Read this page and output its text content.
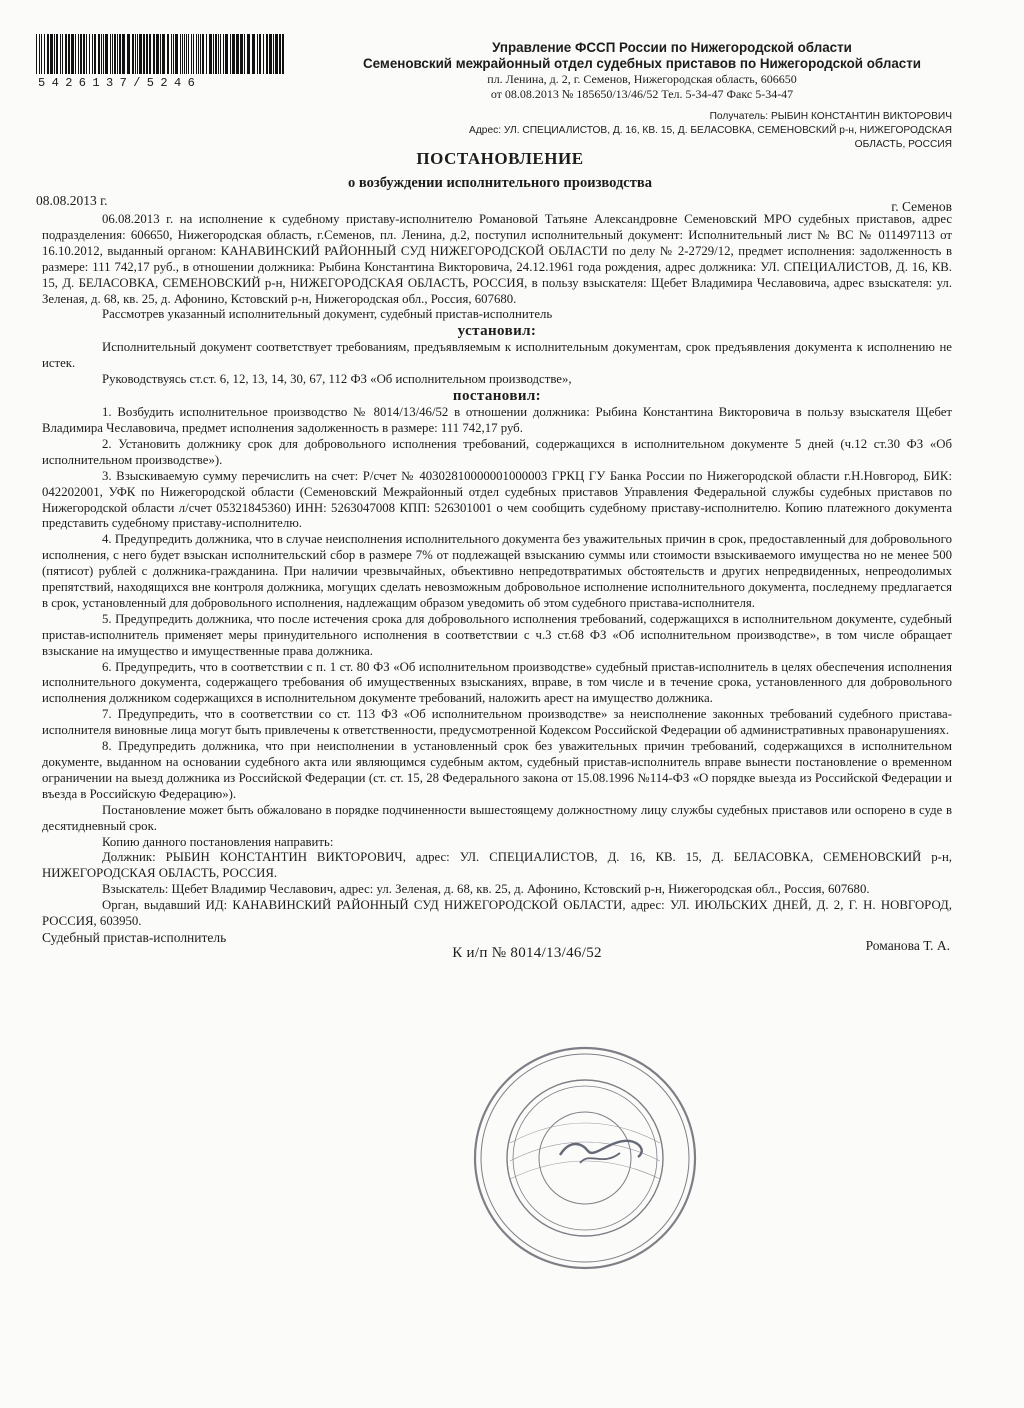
5426137/5246
Управление ФССП России по Нижегородской области
Семеновский межрайонный отдел судебных приставов по Нижегородской области
пл. Ленина, д. 2, г. Семенов, Нижегородская область, 606650
от 08.08.2013 № 185650/13/46/52 Тел. 5-34-47 Факс 5-34-47
Получатель: РЫБИН КОНСТАНТИН ВИКТОРОВИЧ
Адрес: УЛ. СПЕЦИАЛИСТОВ, Д. 16, КВ. 15, Д. БЕЛАСОВКА, СЕМЕНОВСКИЙ р-н, НИЖЕГОРОДСКАЯ
ОБЛАСТЬ, РОССИЯ
ПОСТАНОВЛЕНИЕ
о возбуждении исполнительного производства
08.08.2013 г.	г. Семенов

06.08.2013 г. на исполнение к судебному приставу-исполнителю Романовой Татьяне Александровне Семеновский МРО судебных приставов, адрес подразделения: 606650, Нижегородская область, г.Семенов, пл. Ленина, д.2, поступил исполнительный документ: Исполнительный лист № ВС № 011497113 от 16.10.2012, выданный органом: КАНАВИНСКИЙ РАЙОННЫЙ СУД НИЖЕГОРОДСКОЙ ОБЛАСТИ по делу № 2-2729/12, предмет исполнения: задолженность в размере: 111 742,17 руб., в отношении должника: Рыбина Константина Викторовича, 24.12.1961 года рождения, адрес должника: УЛ. СПЕЦИАЛИСТОВ, Д. 16, КВ. 15, Д. БЕЛАСОВКА, СЕМЕНОВСКИЙ р-н, НИЖЕГОРОДСКАЯ ОБЛАСТЬ, РОССИЯ, в пользу взыскателя: Щебет Владимира Чеславовича, адрес взыскателя: ул. Зеленая, д. 68, кв. 25, д. Афонино, Кстовский р-н, Нижегородская обл., Россия, 607680.

Рассмотрев указанный исполнительный документ, судебный пристав-исполнитель

установил:

Исполнительный документ соответствует требованиям, предъявляемым к исполнительным документам, срок предъявления документа к исполнению не истек.

Руководствуясь ст.ст. 6, 12, 13, 14, 30, 67, 112 ФЗ «Об исполнительном производстве»,

постановил:

1. Возбудить исполнительное производство № 8014/13/46/52 в отношении должника: Рыбина Константина Викторовича в пользу взыскателя Щебет Владимира Чеславовича, предмет исполнения задолженность в размере: 111 742,17 руб.

2. Установить должнику срок для добровольного исполнения требований, содержащихся в исполнительном документе 5 дней (ч.12 ст.30 ФЗ «Об исполнительном производстве»).

3. Взыскиваемую сумму перечислить на счет: Р/счет № 40302810000001000003 ГРКЦ ГУ Банка России по Нижегородской области г.Н.Новгород, БИК: 042202001, УФК по Нижегородской области (Семеновский Межрайонный отдел судебных приставов Управления Федеральной службы судебных приставов по Нижегородской области л/счет 05321845360) ИНН: 5263047008 КПП: 526301001 о чем сообщить судебному приставу-исполнителю. Копию платежного документа представить судебному приставу-исполнителю.

4. Предупредить должника, что в случае неисполнения исполнительного документа без уважительных причин в срок, предоставленный для добровольного исполнения, с него будет взыскан исполнительский сбор в размере 7% от подлежащей взысканию суммы или стоимости взыскиваемого имущества но не менее 500 (пятисот) рублей с должника-гражданина. При наличии чрезвычайных, объективно непредотвратимых обстоятельств и других непредвиденных, непреодолимых препятствий, находящихся вне контроля должника, могущих сделать невозможным добровольное исполнение исполнительного документа, последнему предлагается в срок, установленный для добровольного исполнения, надлежащим образом уведомить об этом судебного пристава-исполнителя.

5. Предупредить должника, что после истечения срока для добровольного исполнения требований, содержащихся в исполнительном документе, судебный пристав-исполнитель применяет меры принудительного исполнения в соответствии с ч.3 ст.68 ФЗ «Об исполнительном производстве», в том числе обращает взыскание на имущество и имущественные права должника.

6. Предупредить, что в соответствии с п. 1 ст. 80 ФЗ «Об исполнительном производстве» судебный пристав-исполнитель в целях обеспечения исполнения исполнительного документа, содержащего требования об имущественных взысканиях, вправе, в том числе и в течение срока, установленного для добровольного исполнения должником содержащихся в исполнительном документе требований, наложить арест на имущество должника.

7. Предупредить, что в соответствии со ст. 113 ФЗ «Об исполнительном производстве» за неисполнение законных требований судебного пристава-исполнителя виновные лица могут быть привлечены к ответственности, предусмотренной Кодексом Российской Федерации об административных правонарушениях.

8. Предупредить должника, что при неисполнении в установленный срок без уважительных причин требований, содержащихся в исполнительном документе, выданном на основании судебного акта или являющимся судебным актом, судебный пристав-исполнитель вправе вынести постановление о временном ограничении на выезд должника из Российской Федерации (ст. ст. 15, 28 Федерального закона от 15.08.1996 №114-ФЗ «О порядке выезда из Российской Федерации и въезда в Российскую Федерацию»).

Постановление может быть обжаловано в порядке подчиненности вышестоящему должностному лицу службы судебных приставов или оспорено в суде в десятидневный срок.

Копию данного постановления направить:

Должник: РЫБИН КОНСТАНТИН ВИКТОРОВИЧ, адрес: УЛ. СПЕЦИАЛИСТОВ, Д. 16, КВ. 15, Д. БЕЛАСОВКА, СЕМЕНОВСКИЙ р-н, НИЖЕГОРОДСКАЯ ОБЛАСТЬ, РОССИЯ.

Взыскатель: Щебет Владимир Чеславович, адрес: ул. Зеленая, д. 68, кв. 25, д. Афонино, Кстовский р-н, Нижегородская обл., Россия, 607680.

Орган, выдавший ИД: КАНАВИНСКИЙ РАЙОННЫЙ СУД НИЖЕГОРОДСКОЙ ОБЛАСТИ, адрес: УЛ. ИЮЛЬСКИХ ДНЕЙ, Д. 2, Г. Н. НОВГОРОД, РОССИЯ, 603950.

Судебный пристав-исполнитель
Романова Т. А.

К и/п № 8014/13/46/52
